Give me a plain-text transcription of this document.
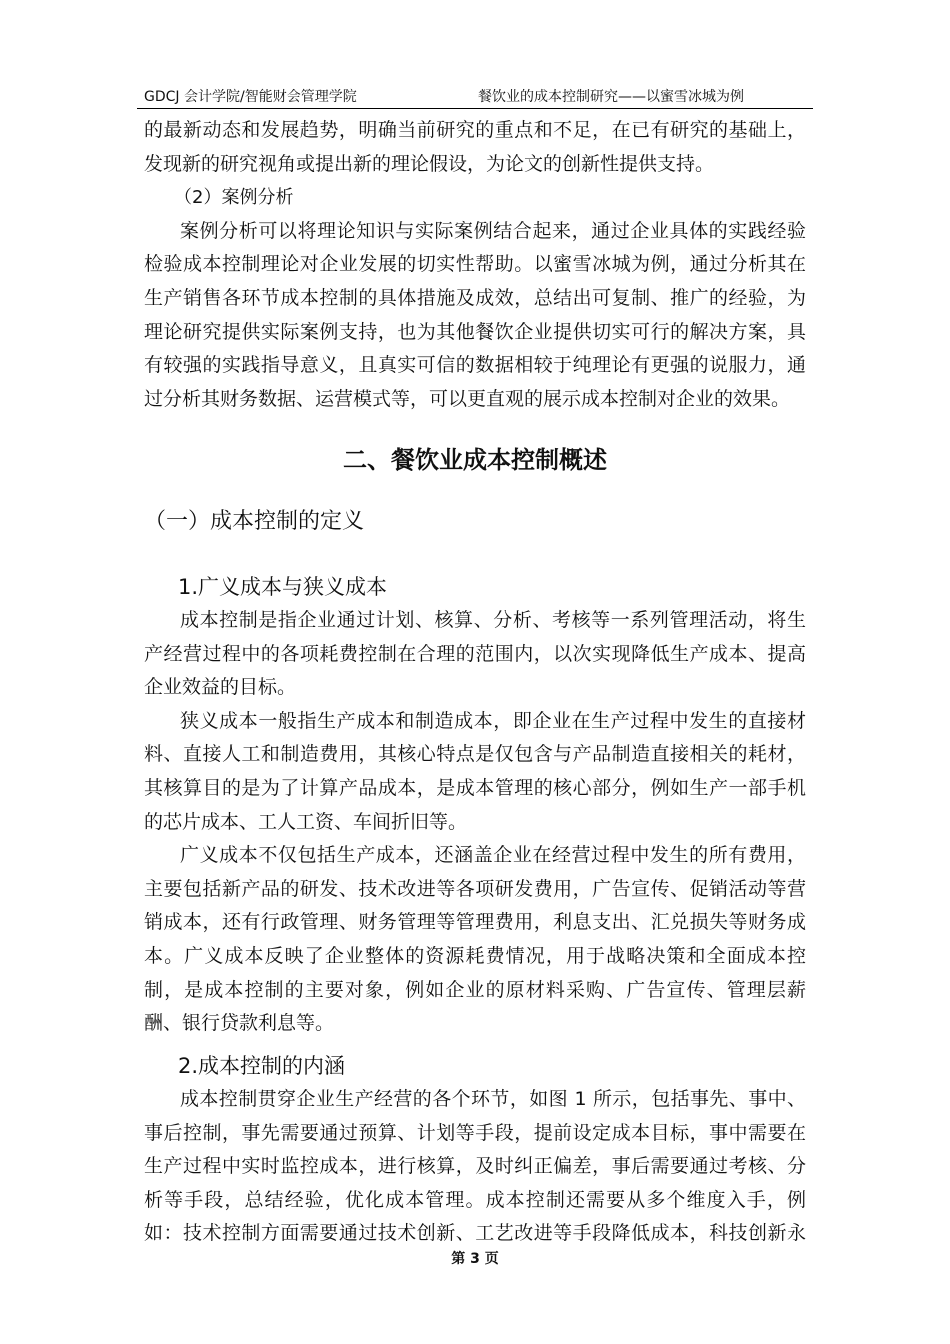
GDCJ 会计学院/智能财会管理学院	餐饮业的成本控制研究——以蜜雪冰城为例
的最新动态和发展趋势，明确当前研究的重点和不足，在已有研究的基础上，
发现新的研究视角或提出新的理论假设，为论文的创新性提供支持。
（2）案例分析
案例分析可以将理论知识与实际案例结合起来，通过企业具体的实践经验
检验成本控制理论对企业发展的切实性帮助。以蜜雪冰城为例，通过分析其在
生产销售各环节成本控制的具体措施及成效，总结出可复制、推广的经验，为
理论研究提供实际案例支持，也为其他餐饮企业提供切实可行的解决方案，具
有较强的实践指导意义，且真实可信的数据相较于纯理论有更强的说服力，通
过分析其财务数据、运营模式等，可以更直观的展示成本控制对企业的效果。
二、餐饮业成本控制概述
（一）成本控制的定义
1.广义成本与狭义成本
成本控制是指企业通过计划、核算、分析、考核等一系列管理活动，将生
产经营过程中的各项耗费控制在合理的范围内，以次实现降低生产成本、提高
企业效益的目标。
狭义成本一般指生产成本和制造成本，即企业在生产过程中发生的直接材
料、直接人工和制造费用，其核心特点是仅包含与产品制造直接相关的耗材，
其核算目的是为了计算产品成本，是成本管理的核心部分，例如生产一部手机
的芯片成本、工人工资、车间折旧等。
广义成本不仅包括生产成本，还涵盖企业在经营过程中发生的所有费用，
主要包括新产品的研发、技术改进等各项研发费用，广告宣传、促销活动等营
销成本，还有行政管理、财务管理等管理费用，利息支出、汇兑损失等财务成
本。广义成本反映了企业整体的资源耗费情况，用于战略决策和全面成本控
制，是成本控制的主要对象，例如企业的原材料采购、广告宣传、管理层薪
酬、银行贷款利息等。
2.成本控制的内涵
成本控制贯穿企业生产经营的各个环节，如图 1 所示，包括事先、事中、
事后控制，事先需要通过预算、计划等手段，提前设定成本目标，事中需要在
生产过程中实时监控成本，进行核算，及时纠正偏差，事后需要通过考核、分
析等手段，总结经验，优化成本管理。成本控制还需要从多个维度入手，例
如：技术控制方面需要通过技术创新、工艺改进等手段降低成本，科技创新永
第 3 页
